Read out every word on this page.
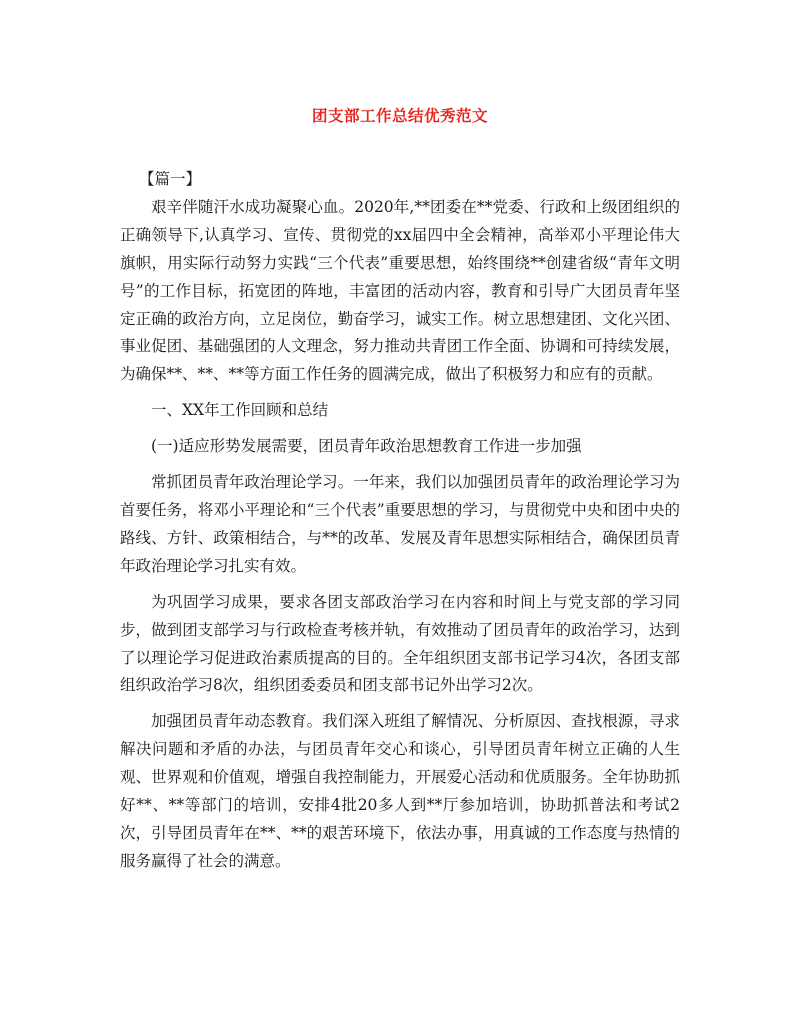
团支部工作总结优秀范文

【篇一】

艰辛伴随汗水成功凝聚心血。2020年,**团委在**党委、行政和上级团组织的正确领导下,认真学习、宣传、贯彻党的xx届四中全会精神，高举邓小平理论伟大旗帜，用实际行动努力实践“三个代表”重要思想，始终围绕**创建省级“青年文明号”的工作目标，拓宽团的阵地，丰富团的活动内容，教育和引导广大团员青年坚定正确的政治方向，立足岗位，勤奋学习，诚实工作。树立思想建团、文化兴团、事业促团、基础强团的人文理念，努力推动共青团工作全面、协调和可持续发展，为确保**、**、**等方面工作任务的圆满完成，做出了积极努力和应有的贡献。

一、XX年工作回顾和总结

(一)适应形势发展需要，团员青年政治思想教育工作进一步加强

常抓团员青年政治理论学习。一年来，我们以加强团员青年的政治理论学习为首要任务，将邓小平理论和“三个代表”重要思想的学习，与贯彻党中央和团中央的路线、方针、政策相结合，与**的改革、发展及青年思想实际相结合，确保团员青年政治理论学习扎实有效。

为巩固学习成果，要求各团支部政治学习在内容和时间上与党支部的学习同步，做到团支部学习与行政检查考核并轨，有效推动了团员青年的政治学习，达到了以理论学习促进政治素质提高的目的。全年组织团支部书记学习4次，各团支部组织政治学习8次，组织团委委员和团支部书记外出学习2次。

加强团员青年动态教育。我们深入班组了解情况、分析原因、查找根源，寻求解决问题和矛盾的办法，与团员青年交心和谈心，引导团员青年树立正确的人生观、世界观和价值观，增强自我控制能力，开展爱心活动和优质服务。全年协助抓好**、**等部门的培训，安排4批20多人到**厅参加培训，协助抓普法和考试2次，引导团员青年在**、**的艰苦环境下，依法办事，用真诚的工作态度与热情的服务赢得了社会的满意。
